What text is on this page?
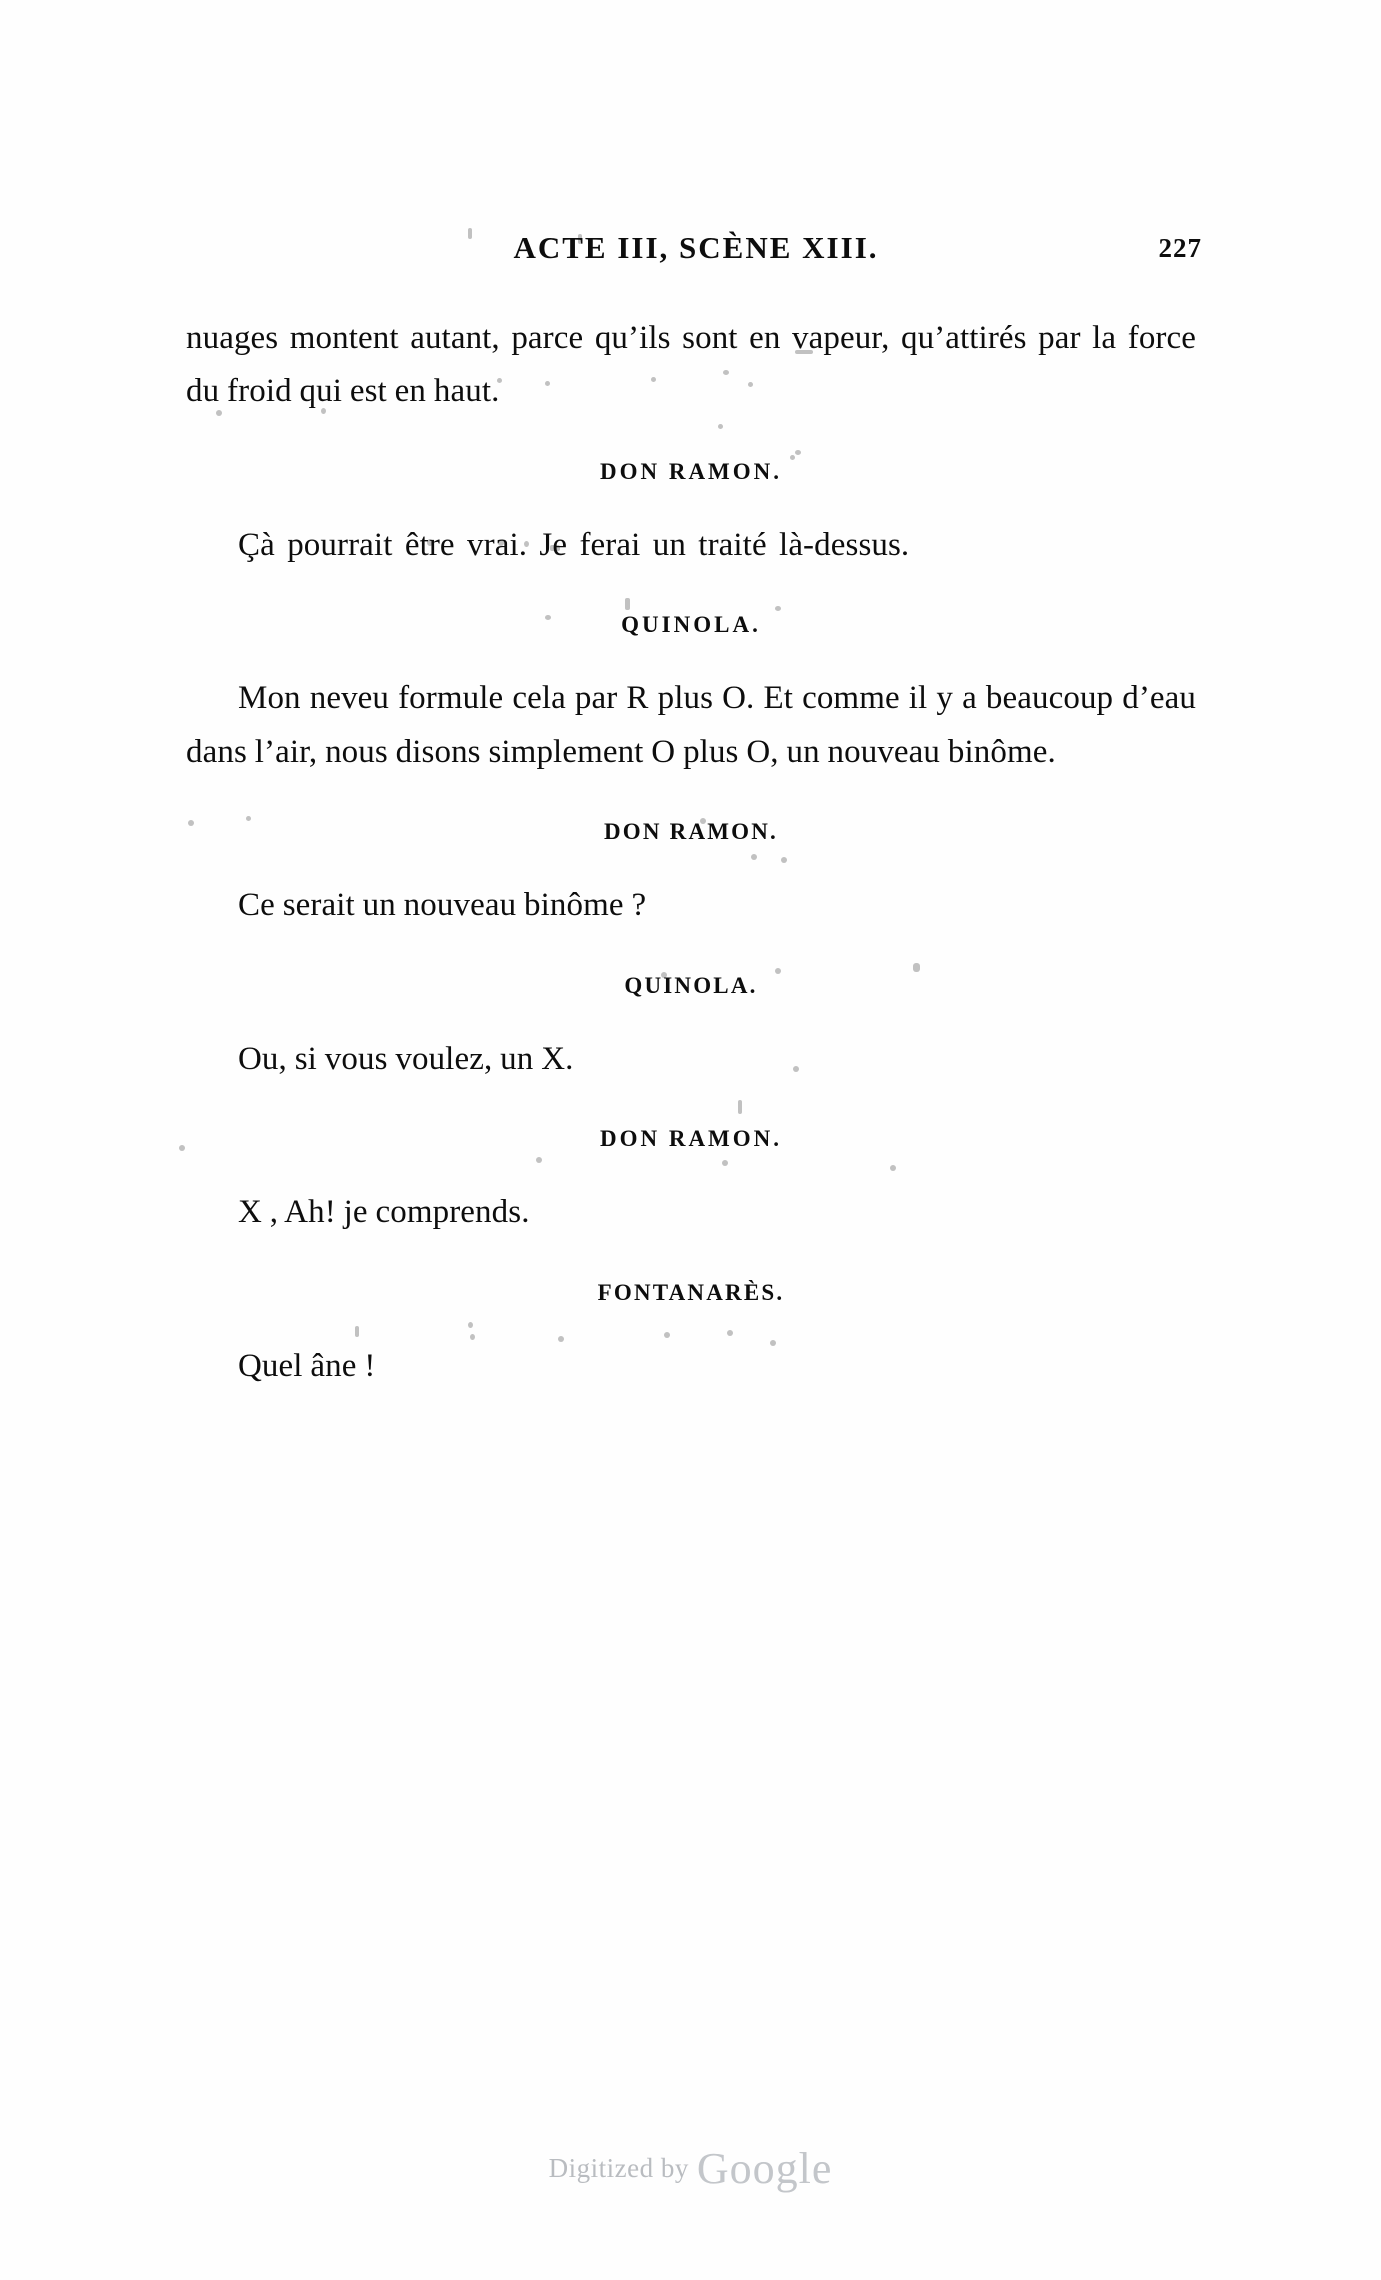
ACTE III, SCÈNE XIII.	227

nuages montent autant, parce qu’ils sont en vapeur, qu’attirés par la force du froid qui est en haut.

DON RAMON.

Çà pourrait être vrai. Je ferai un traité là-dessus.

QUINOLA.

Mon neveu formule cela par R plus O. Et comme il y a beaucoup d’eau dans l’air, nous disons simplement O plus O, un nouveau binôme.

DON RAMON.

Ce serait un nouveau binôme ?

QUINOLA.

Ou, si vous voulez, un X.

DON RAMON.

X , Ah! je comprends.

FONTANARÈS.

Quel âne !

Digitized by Google
